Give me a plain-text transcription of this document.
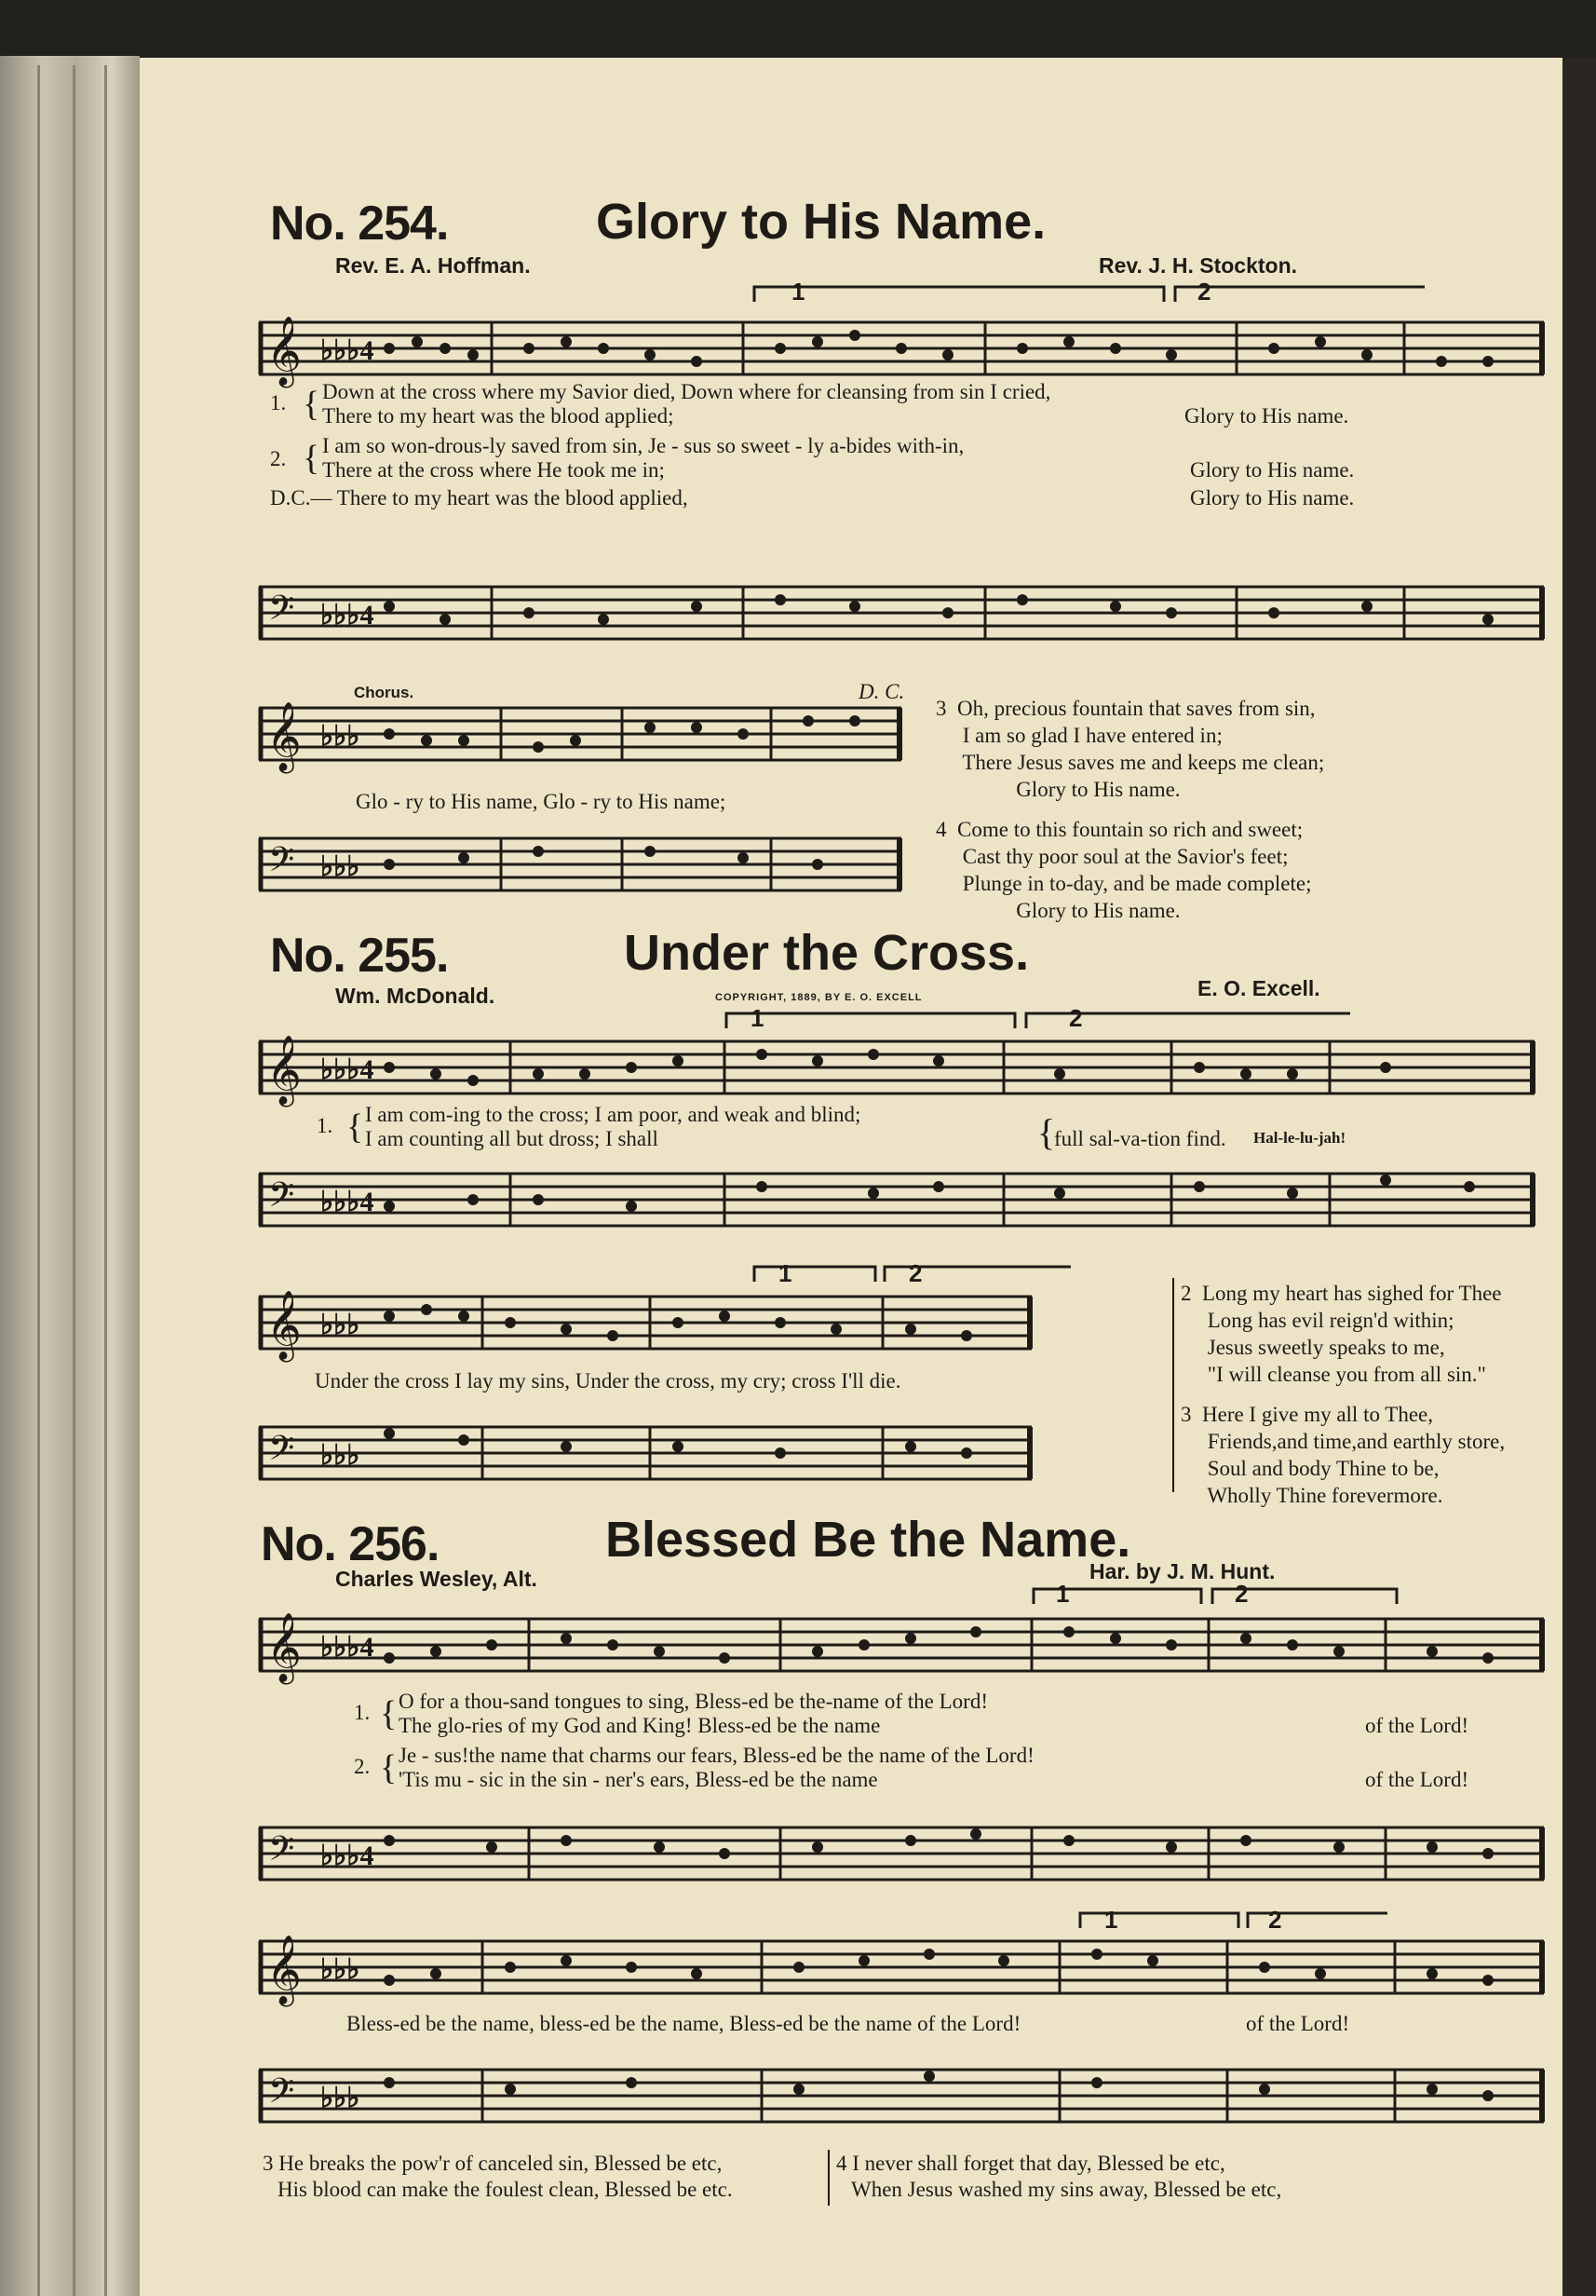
No. 254.	Glory to His Name.
Rev. E. A. Hoffman.	Rev. J. H. Stockton.
1	2
𝄞 ♭♭♭4
1. { Down at the cross where my Savior died, Down where for cleansing from sin I cried,
There to my heart was the blood applied;	Glory to His name.
2. { I am so won-drous-ly saved from sin, Je - sus so sweet - ly a-bides with-in,
There at the cross where He took me in;	Glory to His name.
D.C.— There to my heart was the blood applied,	Glory to His name.
𝄢 ♭♭♭4
Chorus.	D. C.
𝄞 ♭♭♭
Glo - ry to His name, Glo - ry to His name;
𝄢 ♭♭♭
3  Oh, precious fountain that saves from sin,
I am so glad I have entered in;
There Jesus saves me and keeps me clean;
Glory to His name.
4  Come to this fountain so rich and sweet;
Cast thy poor soul at the Savior's feet;
Plunge in to-day, and be made complete;
Glory to His name.
No. 255.	Under the Cross.
Wm. McDonald.	COPYRIGHT, 1889, BY E. O. EXCELL	E. O. Excell.
1	2
𝄞 ♭♭♭4
1. { I am com-ing to the cross; I am poor, and weak and blind;
I am counting all but dross; I shall	{
full sal-va-tion find. Hal-le-lu-jah!
𝄢 ♭♭♭4
1	2
𝄞 ♭♭♭
Under the cross I lay my sins, Under the cross, my cry; cross I'll die.
𝄢 ♭♭♭
2  Long my heart has sighed for Thee
Long has evil reign'd within;
Jesus sweetly speaks to me,
"I will cleanse you from all sin."
3  Here I give my all to Thee,
Friends,and time,and earthly store,
Soul and body Thine to be,
Wholly Thine forevermore.
No. 256.	Blessed Be the Name.
Charles Wesley, Alt.	Har. by J. M. Hunt.
1	2
𝄞 ♭♭♭4
1. { O for a thou-sand tongues to sing, Bless-ed be the-name of the Lord!
The glo-ries of my God and King! Bless-ed be the name	of the Lord!
2. { Je - sus!the name that charms our fears, Bless-ed be the name of the Lord!
'Tis mu - sic in the sin - ner's ears, Bless-ed be the name	of the Lord!
𝄢 ♭♭♭4
1	2
𝄞 ♭♭♭
Bless-ed be the name, bless-ed be the name, Bless-ed be the name of the Lord!	of the Lord!
𝄢 ♭♭♭
3 He breaks the pow'r of canceled sin, Blessed be etc,
His blood can make the foulest clean, Blessed be etc.
4 I never shall forget that day, Blessed be etc,
When Jesus washed my sins away, Blessed be etc,
